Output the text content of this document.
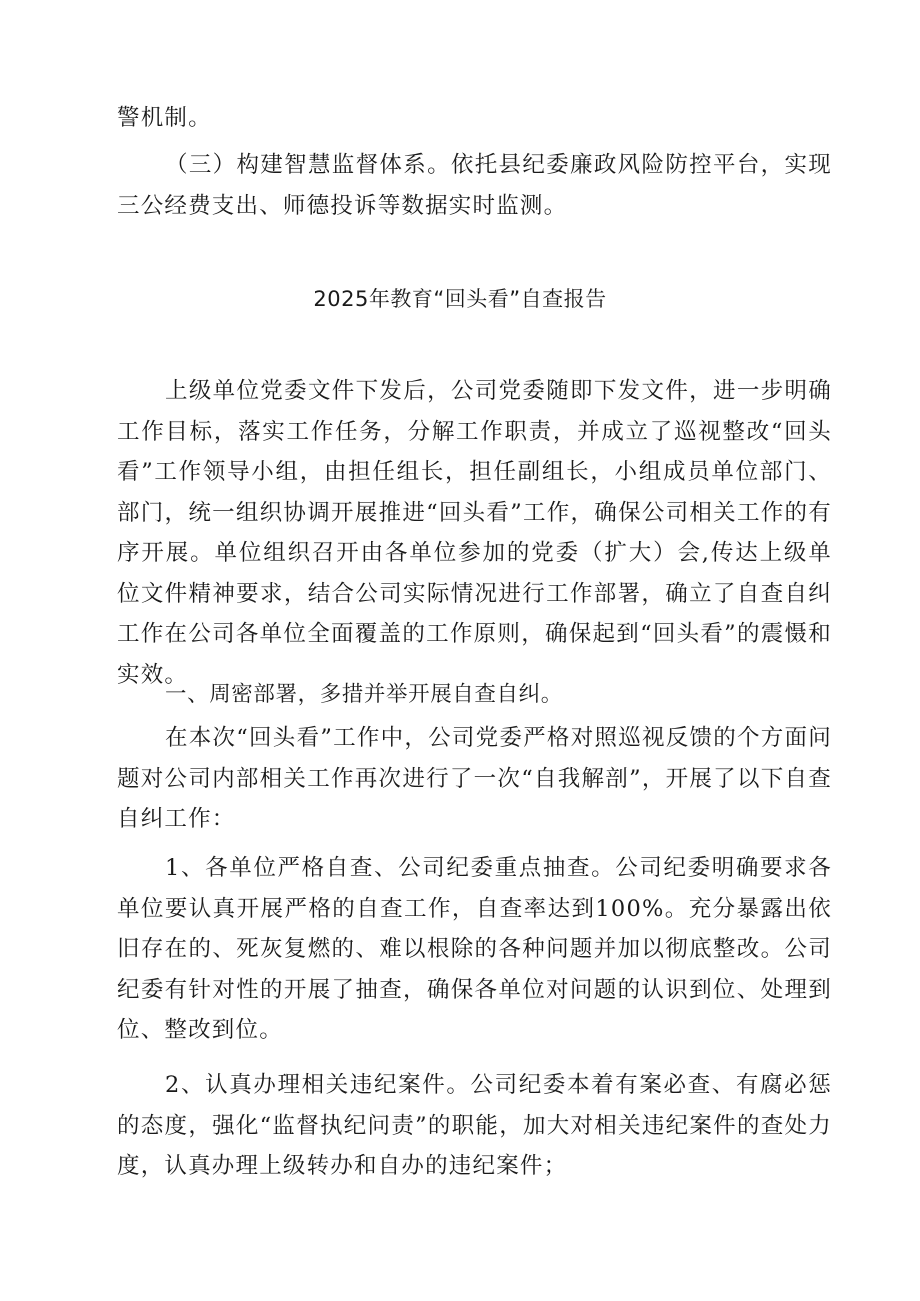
警机制。

（三）构建智慧监督体系。依托县纪委廉政风险防控平台，实现三公经费支出、师德投诉等数据实时监测。

2025年教育“回头看”自查报告

上级单位党委文件下发后，公司党委随即下发文件，进一步明确工作目标，落实工作任务，分解工作职责，并成立了巡视整改“回头看”工作领导小组，由担任组长，担任副组长，小组成员单位部门、部门，统一组织协调开展推进“回头看”工作，确保公司相关工作的有序开展。单位组织召开由各单位参加的党委（扩大）会,传达上级单位文件精神要求，结合公司实际情况进行工作部署，确立了自查自纠工作在公司各单位全面覆盖的工作原则，确保起到“回头看”的震慑和实效。

一、周密部署，多措并举开展自查自纠。

在本次“回头看”工作中，公司党委严格对照巡视反馈的个方面问题对公司内部相关工作再次进行了一次“自我解剖”，开展了以下自查自纠工作：

1、各单位严格自查、公司纪委重点抽查。公司纪委明确要求各单位要认真开展严格的自查工作，自查率达到100%。充分暴露出依旧存在的、死灰复燃的、难以根除的各种问题并加以彻底整改。公司纪委有针对性的开展了抽查，确保各单位对问题的认识到位、处理到位、整改到位。

2、认真办理相关违纪案件。公司纪委本着有案必查、有腐必惩的态度，强化“监督执纪问责”的职能，加大对相关违纪案件的查处力度，认真办理上级转办和自办的违纪案件；
